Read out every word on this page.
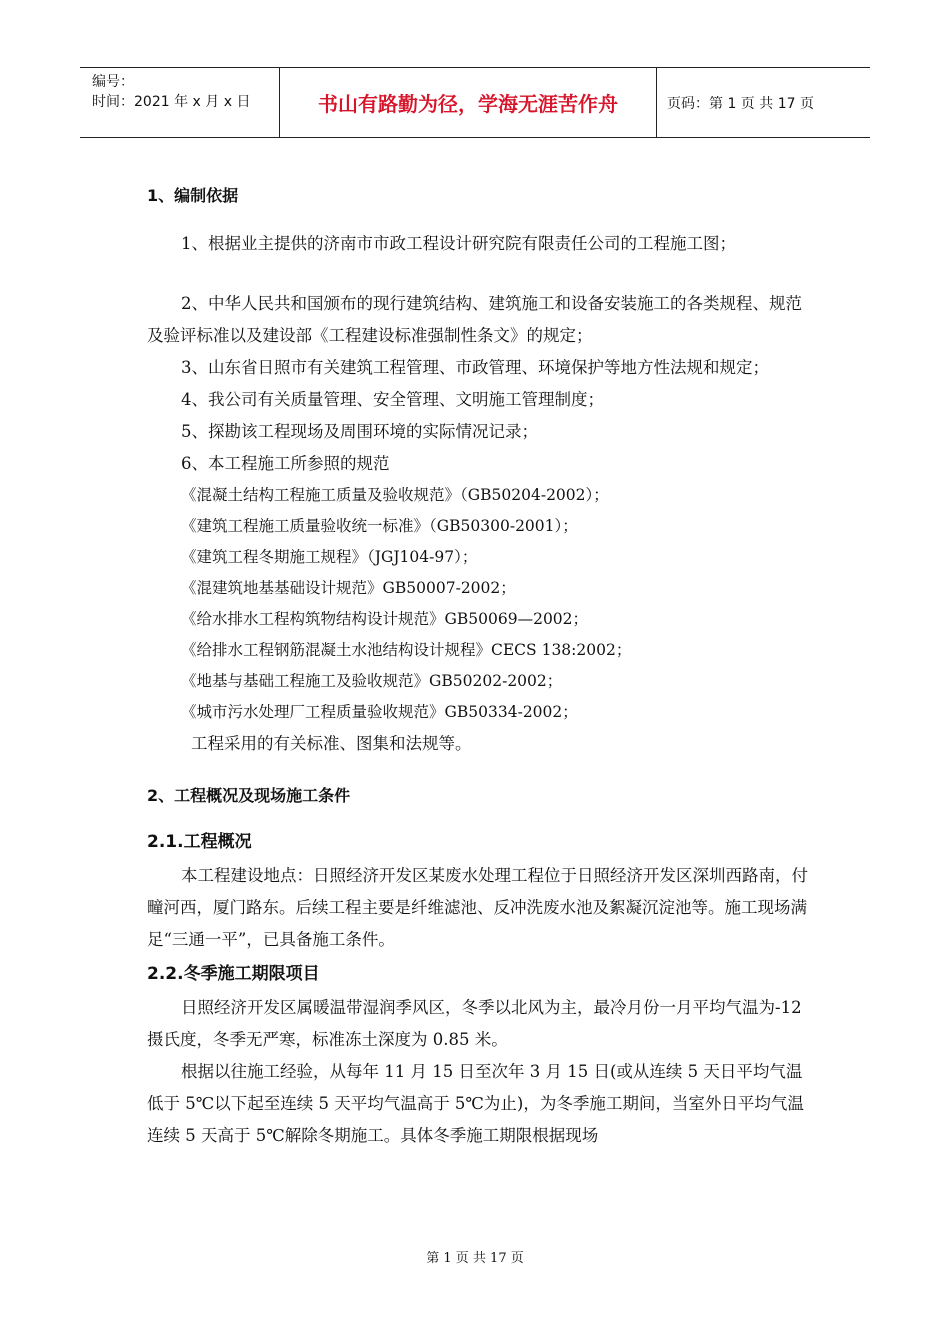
编号：
时间：2021 年 x 月 x 日	书山有路勤为径，学海无涯苦作舟	页码：第 1 页 共 17 页
1、编制依据

1、根据业主提供的济南市市政工程设计研究院有限责任公司的工程施工图；

2、中华人民共和国颁布的现行建筑结构、建筑施工和设备安装施工的各类规程、规范及验评标准以及建设部《工程建设标准强制性条文》的规定；

3、山东省日照市有关建筑工程管理、市政管理、环境保护等地方性法规和规定；

4、我公司有关质量管理、安全管理、文明施工管理制度；

5、探勘该工程现场及周围环境的实际情况记录；

6、本工程施工所参照的规范

《混凝土结构工程施工质量及验收规范》（GB50204-2002）；

《建筑工程施工质量验收统一标准》（GB50300-2001）；

《建筑工程冬期施工规程》（JGJ104-97）；

《混建筑地基基础设计规范》GB50007-2002；

《给水排水工程构筑物结构设计规范》GB50069—2002；

《给排水工程钢筋混凝土水池结构设计规程》CECS 138:2002；

《地基与基础工程施工及验收规范》GB50202-2002；

《城市污水处理厂工程质量验收规范》GB50334-2002；

工程采用的有关标准、图集和法规等。

2、工程概况及现场施工条件
2.1.工程概况

本工程建设地点：日照经济开发区某废水处理工程位于日照经济开发区深圳西路南，付疃河西，厦门路东。后续工程主要是纤维滤池、反冲洗废水池及絮凝沉淀池等。施工现场满足“三通一平”，已具备施工条件。

2.2.冬季施工期限项目

日照经济开发区属暖温带湿润季风区，冬季以北风为主，最冷月份一月平均气温为-12 摄氏度，冬季无严寒，标准冻土深度为 0.85 米。

根据以往施工经验，从每年 11 月 15 日至次年 3 月 15 日(或从连续 5 天日平均气温低于 5℃以下起至连续 5 天平均气温高于 5℃为止)，为冬季施工期间，当室外日平均气温连续 5 天高于 5℃解除冬期施工。具体冬季施工期限根据现场

第 1 页 共 17 页
